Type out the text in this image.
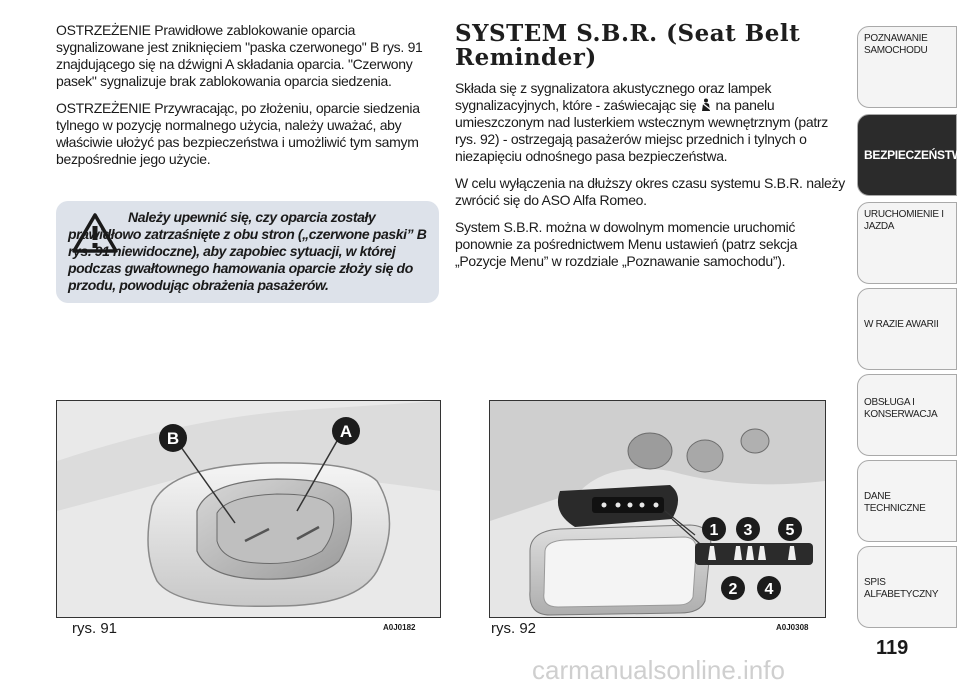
OSTRZEŻENIE Prawidłowe zablokowanie oparcia sygnalizowane jest zniknięciem "paska czerwonego" B rys. 91 znajdującego się na dźwigni A składania oparcia. "Czerwony pasek" sygnalizuje brak zablokowania oparcia siedzenia.

OSTRZEŻENIE Przywracając, po złożeniu, oparcie siedzenia tylnego w pozycję normalnego użycia, należy uważać, aby właściwie ułożyć pas bezpieczeństwa i umożliwić tym samym bezpośrednie jego użycie.

Należy upewnić się, czy oparcia zostały prawidłowo zatrzaśnięte z obu stron („czerwone paski” B rys. 91 niewidoczne), aby zapobiec sytuacji, w której podczas gwałtownego hamowania oparcie złoży się do przodu, powodując obrażenia pasażerów.

SYSTEM S.B.R. (Seat Belt Reminder)

Składa się z sygnalizatora akustycznego oraz lampek sygnalizacyjnych, które - zaświecając się na panelu umieszczonym nad lusterkiem wstecznym wewnętrznym (patrz rys. 92) - ostrzegają pasażerów miejsc przednich i tylnych o niezapięciu odnośnego pasa bezpieczeństwa.

W celu wyłączenia na dłuższy okres czasu systemu S.B.R. należy zwrócić się do ASO Alfa Romeo.

System S.B.R. można w dowolnym momencie uruchomić ponownie za pośrednictwem Menu ustawień (patrz sekcja „Pozycje Menu” w rozdziale „Poznawanie samochodu”).

B	A
rys. 91	A0J0182
1
2
3
4
5
rys. 92	A0J0308
POZNAWANIE SAMOCHODU
BEZPIECZEŃSTWO
URUCHOMIENIE I JAZDA
W RAZIE AWARII
OBSŁUGA I KONSERWACJA
DANE TECHNICZNE
SPIS ALFABETYCZNY
119
carmanualsonline.info
